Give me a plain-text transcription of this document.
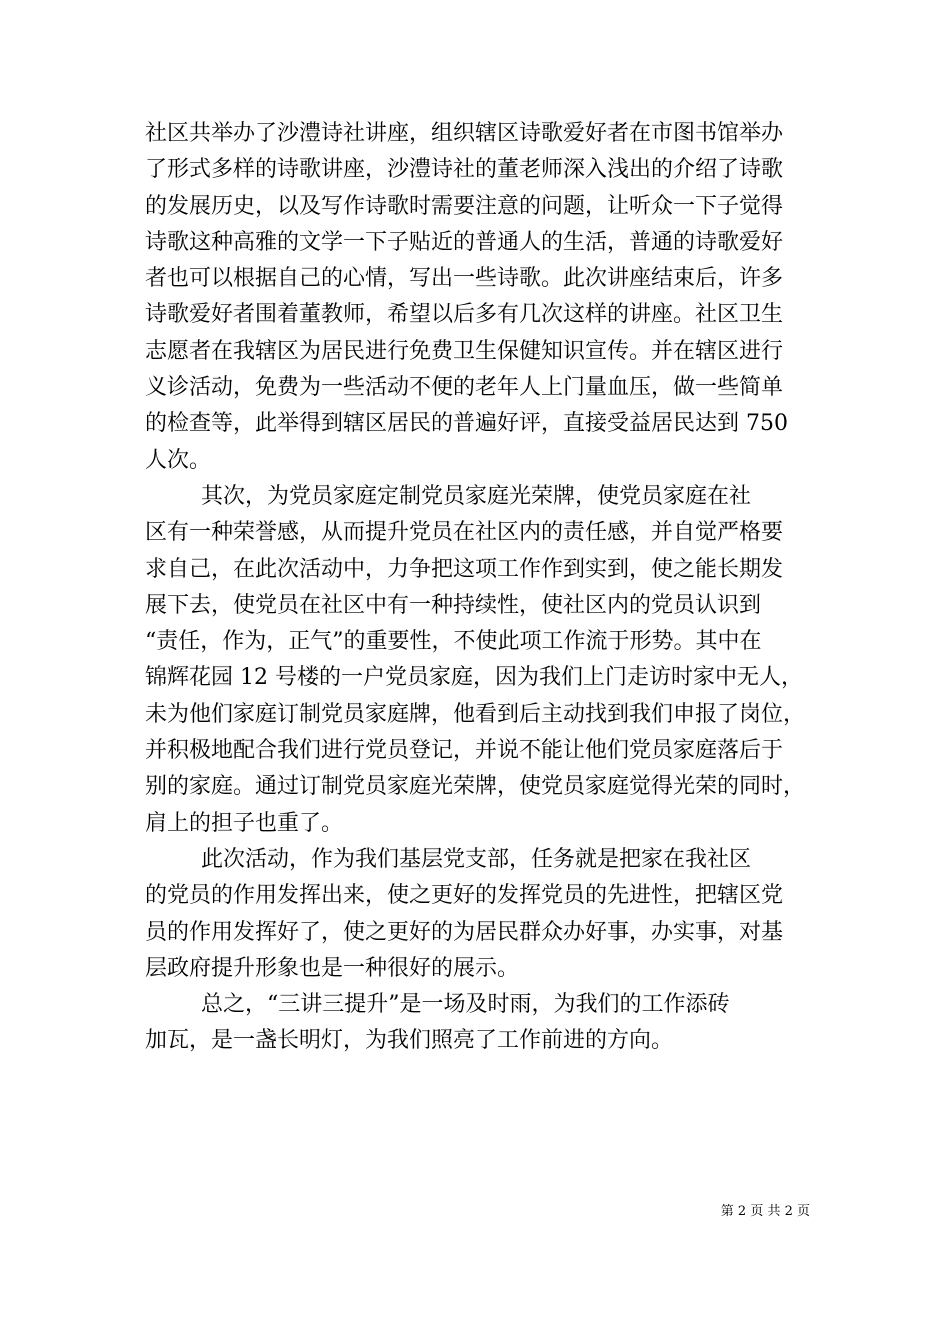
社区共举办了沙澧诗社讲座，组织辖区诗歌爱好者在市图书馆举办
了形式多样的诗歌讲座，沙澧诗社的董老师深入浅出的介绍了诗歌
的发展历史，以及写作诗歌时需要注意的问题，让听众一下子觉得
诗歌这种高雅的文学一下子贴近的普通人的生活，普通的诗歌爱好
者也可以根据自己的心情，写出一些诗歌。此次讲座结束后，许多
诗歌爱好者围着董教师，希望以后多有几次这样的讲座。社区卫生
志愿者在我辖区为居民进行免费卫生保健知识宣传。并在辖区进行
义诊活动，免费为一些活动不便的老年人上门量血压，做一些简单
的检查等，此举得到辖区居民的普遍好评，直接受益居民达到 750
人次。
其次，为党员家庭定制党员家庭光荣牌，使党员家庭在社
区有一种荣誉感，从而提升党员在社区内的责任感，并自觉严格要
求自己，在此次活动中，力争把这项工作作到实到，使之能长期发
展下去，使党员在社区中有一种持续性，使社区内的党员认识到
“责任，作为，正气”的重要性，不使此项工作流于形势。其中在
锦辉花园 12 号楼的一户党员家庭，因为我们上门走访时家中无人，
未为他们家庭订制党员家庭牌，他看到后主动找到我们申报了岗位，
并积极地配合我们进行党员登记，并说不能让他们党员家庭落后于
别的家庭。通过订制党员家庭光荣牌，使党员家庭觉得光荣的同时，
肩上的担子也重了。
此次活动，作为我们基层党支部，任务就是把家在我社区
的党员的作用发挥出来，使之更好的发挥党员的先进性，把辖区党
员的作用发挥好了，使之更好的为居民群众办好事，办实事，对基
层政府提升形象也是一种很好的展示。
总之，“三讲三提升”是一场及时雨，为我们的工作添砖
加瓦，是一盏长明灯，为我们照亮了工作前进的方向。
第 2 页 共 2 页
